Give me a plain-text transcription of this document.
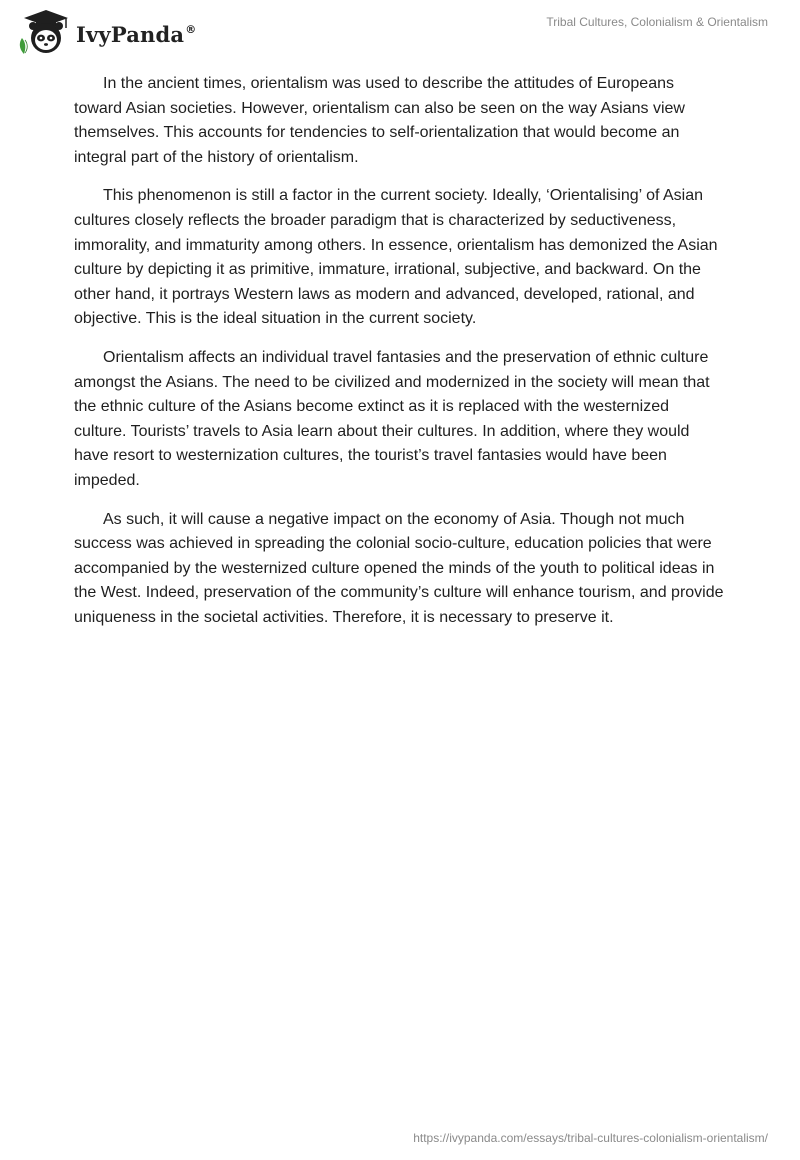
IvyPanda®	Tribal Cultures, Colonialism & Orientalism

In the ancient times, orientalism was used to describe the attitudes of Europeans toward Asian societies. However, orientalism can also be seen on the way Asians view themselves. This accounts for tendencies to self-orientalization that would become an integral part of the history of orientalism.

This phenomenon is still a factor in the current society. Ideally, ‘Orientalising’ of Asian cultures closely reflects the broader paradigm that is characterized by seductiveness, immorality, and immaturity among others. In essence, orientalism has demonized the Asian culture by depicting it as primitive, immature, irrational, subjective, and backward. On the other hand, it portrays Western laws as modern and advanced, developed, rational, and objective. This is the ideal situation in the current society.

Orientalism affects an individual travel fantasies and the preservation of ethnic culture amongst the Asians. The need to be civilized and modernized in the society will mean that the ethnic culture of the Asians become extinct as it is replaced with the westernized culture. Tourists’ travels to Asia learn about their cultures. In addition, where they would have resort to westernization cultures, the tourist’s travel fantasies would have been impeded.

As such, it will cause a negative impact on the economy of Asia. Though not much success was achieved in spreading the colonial socio-culture, education policies that were accompanied by the westernized culture opened the minds of the youth to political ideas in the West. Indeed, preservation of the community’s culture will enhance tourism, and provide uniqueness in the societal activities. Therefore, it is necessary to preserve it.

https://ivypanda.com/essays/tribal-cultures-colonialism-orientalism/
